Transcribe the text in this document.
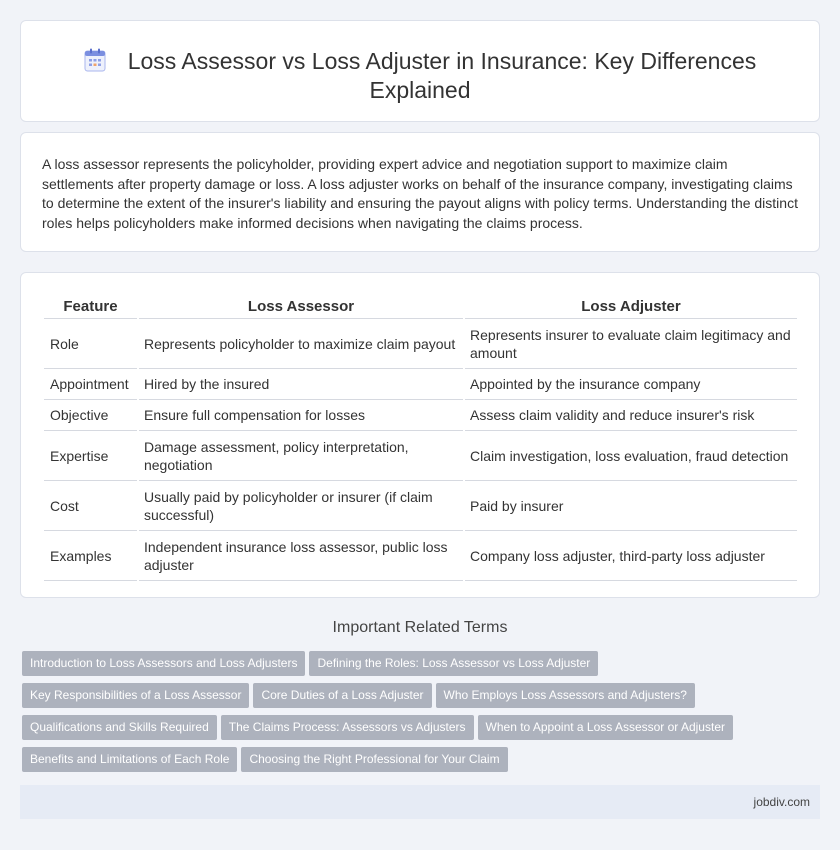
Loss Assessor vs Loss Adjuster in Insurance: Key Differences Explained

A loss assessor represents the policyholder, providing expert advice and negotiation support to maximize claim settlements after property damage or loss. A loss adjuster works on behalf of the insurance company, investigating claims to determine the extent of the insurer's liability and ensuring the payout aligns with policy terms. Understanding the distinct roles helps policyholders make informed decisions when navigating the claims process.

Feature	Loss Assessor	Loss Adjuster
Role	Represents policyholder to maximize claim payout	Represents insurer to evaluate claim legitimacy and amount
Appointment	Hired by the insured	Appointed by the insurance company
Objective	Ensure full compensation for losses	Assess claim validity and reduce insurer's risk
Expertise	Damage assessment, policy interpretation, negotiation	Claim investigation, loss evaluation, fraud detection
Cost	Usually paid by policyholder or insurer (if claim successful)	Paid by insurer
Examples	Independent insurance loss assessor, public loss adjuster	Company loss adjuster, third-party loss adjuster
Important Related Terms
Introduction to Loss Assessors and Loss Adjusters Defining the Roles: Loss Assessor vs Loss Adjuster
Key Responsibilities of a Loss Assessor Core Duties of a Loss Adjuster Who Employs Loss Assessors and Adjusters?
Qualifications and Skills Required The Claims Process: Assessors vs Adjusters When to Appoint a Loss Assessor or Adjuster
Benefits and Limitations of Each Role Choosing the Right Professional for Your Claim
jobdiv.com
